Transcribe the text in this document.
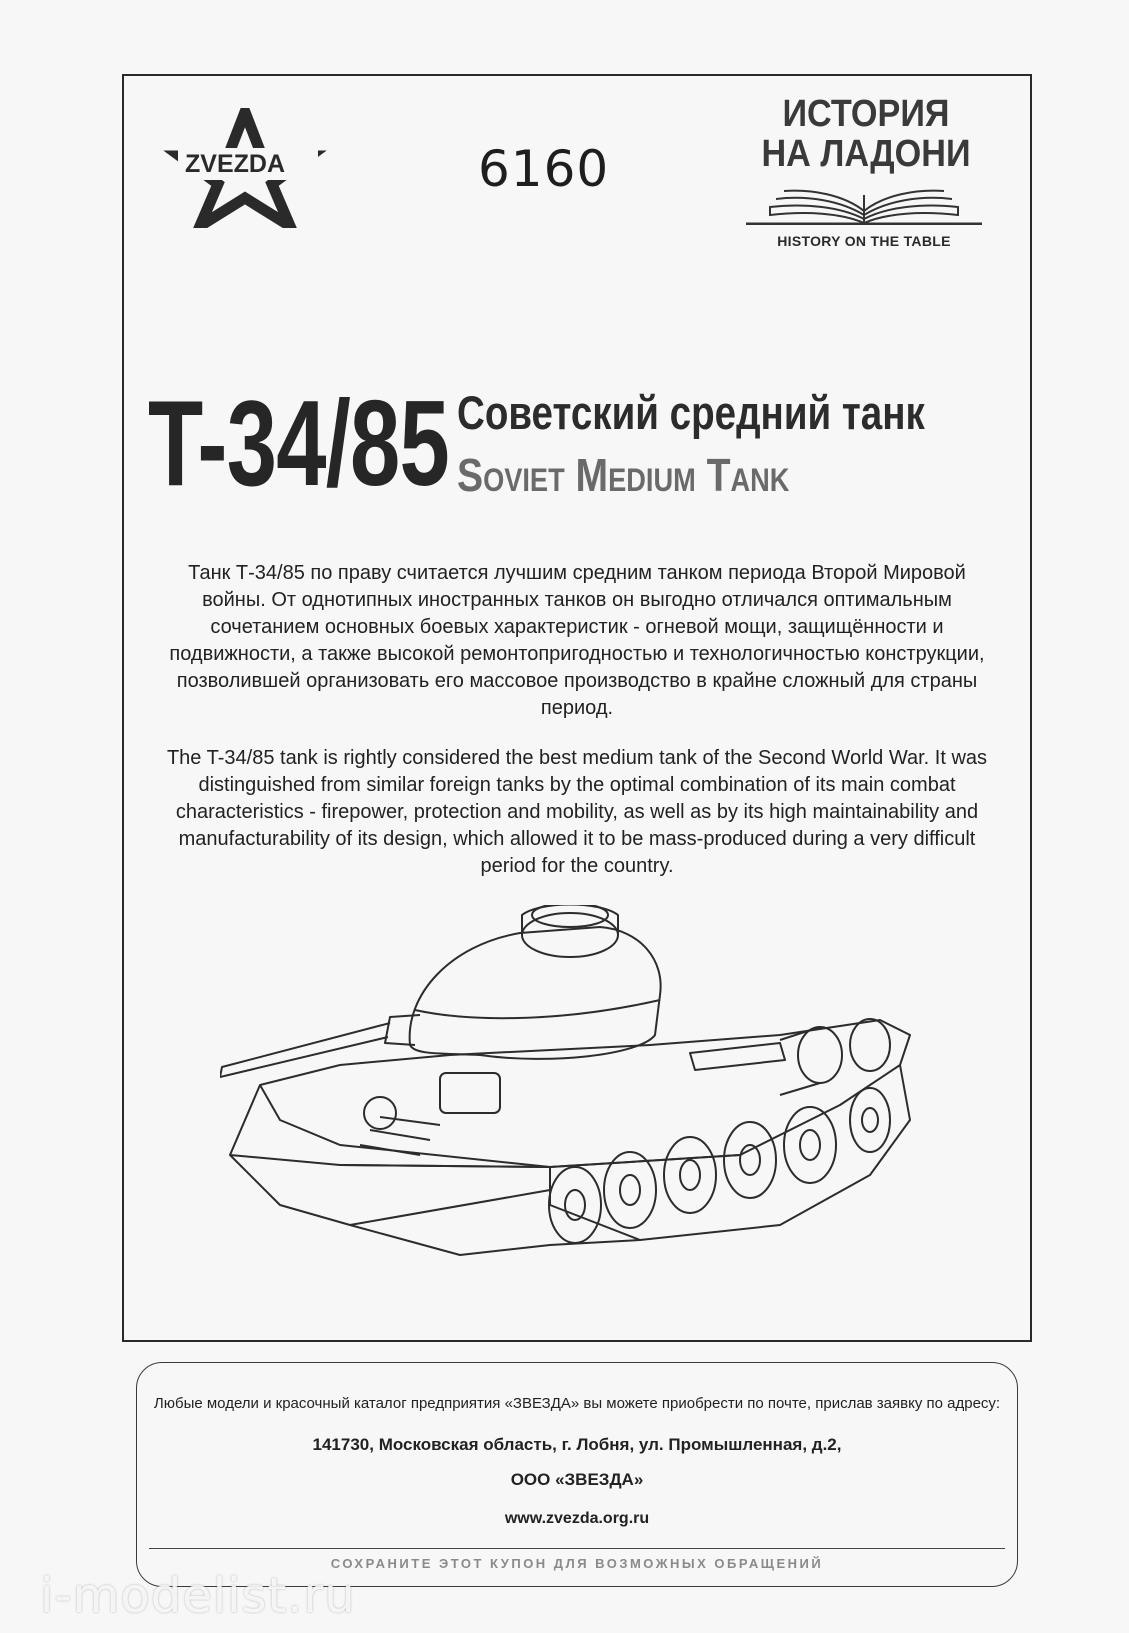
ZVEZDA	6160
ИСТОРИЯ
НА ЛАДОНИ
HISTORY ON THE TABLE
T-34/85 Советский средний танк
Soviet Medium Tank
Танк Т-34/85 по праву считается лучшим средним танком периода Второй Мировой войны. От однотипных иностранных танков он выгодно отличался оптимальным сочетанием основных боевых характеристик - огневой мощи, защищённости и подвижности, а также высокой ремонтопригодностью и технологичностью конструкции, позволившей организовать его массовое производство в крайне сложный для страны период.
The T-34/85 tank is rightly considered the best medium tank of the Second World War. It was distinguished from similar foreign tanks by the optimal combination of its main combat characteristics - firepower, protection and mobility, as well as by its high maintainability and manufacturability of its design, which allowed it to be mass-produced during a very difficult period for the country.
Любые модели и красочный каталог предприятия «ЗВЕЗДА» вы можете приобрести по почте, прислав заявку по адресу:
141730, Московская область, г. Лобня, ул. Промышленная, д.2,
ООО «ЗВЕЗДА»
www.zvezda.org.ru
СОХРАНИТЕ ЭТОТ КУПОН ДЛЯ ВОЗМОЖНЫХ ОБРАЩЕНИЙ
i-modelist.ru
